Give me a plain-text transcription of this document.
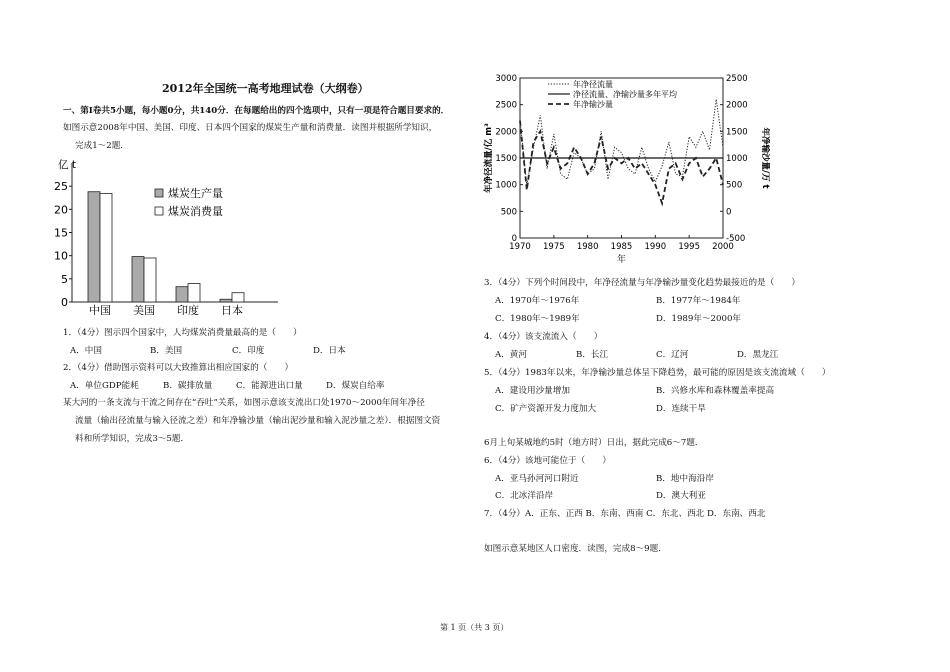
2012年全国统一高考地理试卷（大纲卷）
一、第Ⅰ卷共5小题，每小题0分，共140分．在每题给出的四个选项中，只有一项是符合题目要求的．
如图示意2008年中国、美国、印度、日本四个国家的煤炭生产量和消费量．读图并根据所学知识，
完成1～2题．
亿 t
0
5
10
15
20
25
中国 美国 印度 日本
煤炭生产量
煤炭消费量
1．（4分）图示四个国家中，人均煤炭消费量最高的是（　　）
A．中国	B．美国	C．印度	D．日本
2．（4分）借助图示资料可以大致推算出相应国家的（　　）
A．单位GDP能耗	B．碳排放量	C．能源进出口量	D．煤炭自给率
某大河的一条支流与干流之间存在“吞吐”关系，如图示意该支流出口处1970～2000年间年净径
流量（输出径流量与输入径流之差）和年净输沙量（输出泥沙量和输入泥沙量之差）．根据图文资
料和所学知识，完成3～5题．
0
500
1000
1500
2000
2500
3000
-500
0
500
1000
1500
2000
2500
1970 1975 1980 1985 1990 1995 2000
年
年净径流量/亿 m³	年净输沙量/万 t
年净径流量
净径流量、净输沙量多年平均
年净输沙量
3．（4分）下列个时间段中，年净径流量与年净输沙量变化趋势最接近的是（　　）
A．1970年～1976年	B．1977年～1984年
C．1980年～1989年	D．1989年～2000年
4．（4分）该支流流入（　　）
A．黄河	B．长江	C．辽河	D．黑龙江
5．（4分）1983年以来，年净输沙量总体呈下降趋势，最可能的原因是该支流流域（　　）
A．建设用沙量增加	B．兴修水库和森林覆盖率提高
C．矿产资源开发力度加大	D．连续干旱
6月上旬某城地约5时（地方时）日出，据此完成6～7题．
6．（4分）该地可能位于（　　）
A．亚马孙河河口附近	B．地中海沿岸
C．北冰洋沿岸	D．澳大利亚
7．（4分）A．正东、正西 B．东南、西南 C．东北、西北 D．东南、西北
如图示意某地区人口密度．读图，完成8～9题．
第 1 页（共 3 页）
